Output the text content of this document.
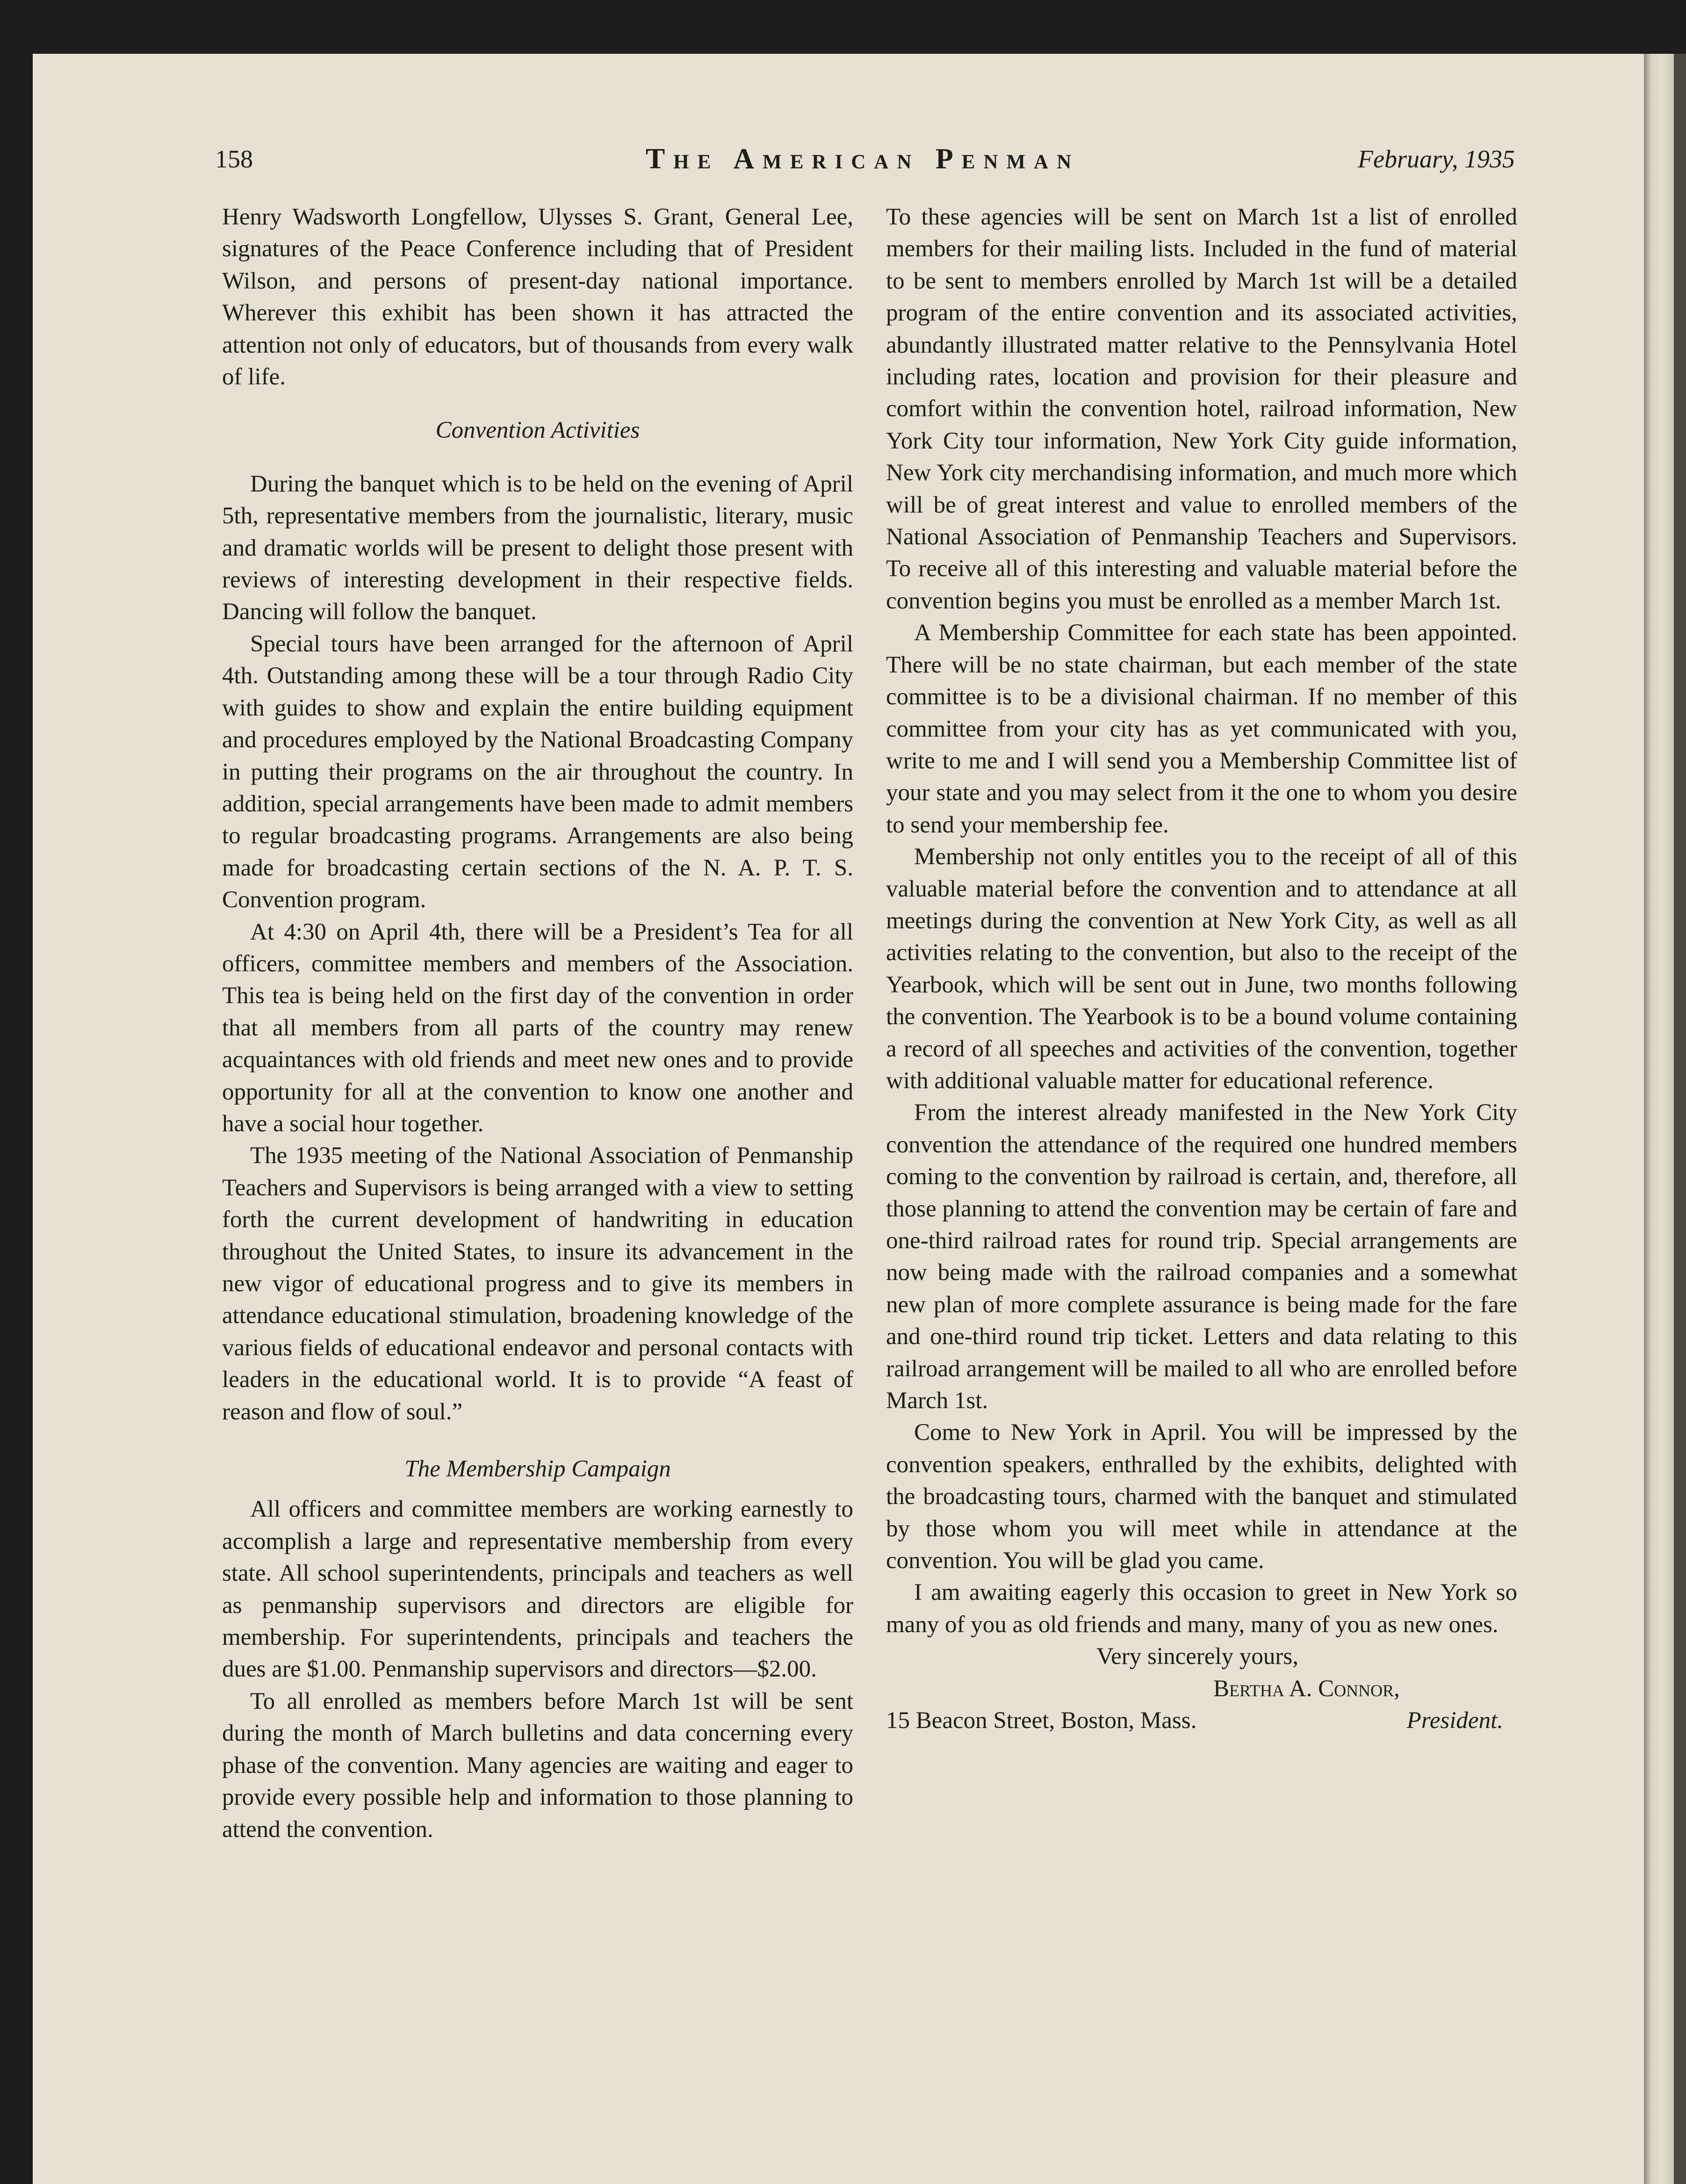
158	The American Penman	February, 1935

Henry Wadsworth Longfellow, Ulysses S. Grant, General Lee, signatures of the Peace Conference including that of President Wilson, and persons of present-day national importance. Wherever this exhibit has been shown it has attracted the attention not only of educators, but of thousands from every walk of life.

Convention Activities

During the banquet which is to be held on the evening of April 5th, representative members from the journalistic, literary, music and dramatic worlds will be present to delight those present with reviews of interesting development in their respective fields. Dancing will follow the banquet.

Special tours have been arranged for the afternoon of April 4th. Outstanding among these will be a tour through Radio City with guides to show and explain the entire building equipment and procedures employed by the National Broadcasting Company in putting their programs on the air throughout the country. In addition, special arrangements have been made to admit members to regular broadcasting programs. Arrangements are also being made for broadcasting certain sections of the N. A. P. T. S. Convention program.

At 4:30 on April 4th, there will be a President’s Tea for all officers, committee members and members of the Association. This tea is being held on the first day of the convention in order that all members from all parts of the country may renew acquaintances with old friends and meet new ones and to provide opportunity for all at the convention to know one another and have a social hour together.

The 1935 meeting of the National Association of Penmanship Teachers and Supervisors is being arranged with a view to setting forth the current development of handwriting in education throughout the United States, to insure its advancement in the new vigor of educational progress and to give its members in attendance educational stimulation, broadening knowledge of the various fields of educational endeavor and personal contacts with leaders in the educational world. It is to provide “A feast of reason and flow of soul.”

The Membership Campaign

All officers and committee members are working earnestly to accomplish a large and representative membership from every state. All school superintendents, principals and teachers as well as penmanship supervisors and directors are eligible for membership. For superintendents, principals and teachers the dues are $1.00. Penmanship supervisors and directors—$2.00.

To all enrolled as members before March 1st will be sent during the month of March bulletins and data concerning every phase of the convention. Many agencies are waiting and eager to provide every possible help and information to those planning to attend the convention.

To these agencies will be sent on March 1st a list of enrolled members for their mailing lists. Included in the fund of material to be sent to members enrolled by March 1st will be a detailed program of the entire convention and its associated activities, abundantly illustrated matter relative to the Pennsylvania Hotel including rates, location and provision for their pleasure and comfort within the convention hotel, railroad information, New York City tour information, New York City guide information, New York city merchandising information, and much more which will be of great interest and value to enrolled members of the National Association of Penmanship Teachers and Supervisors. To receive all of this interesting and valuable material before the convention begins you must be enrolled as a member March 1st.

A Membership Committee for each state has been appointed. There will be no state chairman, but each member of the state committee is to be a divisional chairman. If no member of this committee from your city has as yet communicated with you, write to me and I will send you a Membership Committee list of your state and you may select from it the one to whom you desire to send your membership fee.

Membership not only entitles you to the receipt of all of this valuable material before the convention and to attendance at all meetings during the convention at New York City, as well as all activities relating to the convention, but also to the receipt of the Yearbook, which will be sent out in June, two months following the convention. The Yearbook is to be a bound volume containing a record of all speeches and activities of the convention, together with additional valuable matter for educational reference.

From the interest already manifested in the New York City convention the attendance of the required one hundred members coming to the convention by railroad is certain, and, therefore, all those planning to attend the convention may be certain of fare and one-third railroad rates for round trip. Special arrangements are now being made with the railroad companies and a somewhat new plan of more complete assurance is being made for the fare and one-third round trip ticket. Letters and data relating to this railroad arrangement will be mailed to all who are enrolled before March 1st.

Come to New York in April. You will be impressed by the convention speakers, enthralled by the exhibits, delighted with the broadcasting tours, charmed with the banquet and stimulated by those whom you will meet while in attendance at the convention. You will be glad you came.

I am awaiting eagerly this occasion to greet in New York so many of you as old friends and many, many of you as new ones.

Very sincerely yours,
Bertha A. Connor,
15 Beacon Street, Boston, Mass.	President.
